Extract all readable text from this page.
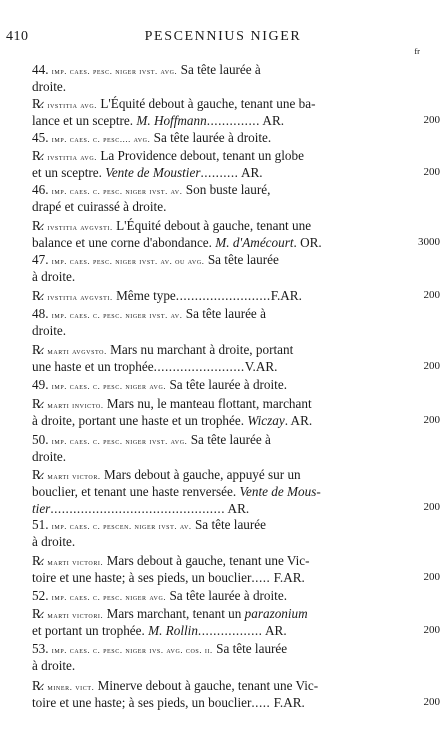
410	PESCENNIUS NIGER
fr
44. imp. caes. pesc. niger ivst. avg. Sa tête laurée à
droite.
R̷. ivstitia avg. L'Équité debout à gauche, tenant une ba-
lance et un sceptre. M. Hoffmann.............. AR.	200
45. imp. caes. c. pesc.... avg. Sa tête laurée à droite.
R̷. ivstitia avg. La Providence debout, tenant un globe
et un sceptre. Vente de Moustier.......... AR.	200
46. imp. caes. c. pesc. niger ivst. av. Son buste lauré,
drapé et cuirassé à droite.
R̷. ivstitia avgvsti. L'Équité debout à gauche, tenant une
balance et une corne d'abondance. M. d'Amécourt. OR.	3000
47. imp. caes. pesc. niger ivst. av. ou avg. Sa tête laurée
à droite.
R̷. ivstitia avgvsti. Même type.........................F.AR.	200
48. imp. caes. c. pesc. niger ivst. av. Sa tête laurée à
droite.
R̷. marti avgvsto. Mars nu marchant à droite, portant
une haste et un trophée........................V.AR.	200
49. imp. caes. c. pesc. niger avg. Sa tête laurée à droite.
R̷. marti invicto. Mars nu, le manteau flottant, marchant
à droite, portant une haste et un trophée. Wiczay. AR.	200
50. imp. caes. c. pesc. niger ivst. avg. Sa tête laurée à
droite.
R̷. marti victor. Mars debout à gauche, appuyé sur un
bouclier, et tenant une haste renversée. Vente de Mous-
tier.............................................. AR.	200
51. imp. caes. c. pescen. niger ivst. av. Sa tête laurée
à droite.
R̷. marti victori. Mars debout à gauche, tenant une Vic-
toire et une haste; à ses pieds, un bouclier..... F.AR.	200
52. imp. caes. c. pesc. niger avg. Sa tête laurée à droite.
R̷. marti victori. Mars marchant, tenant un parazonium
et portant un trophée. M. Rollin................. AR.	200
53. imp. caes. c. pesc. niger ivs. avg. cos. ii. Sa tête laurée
à droite.
R̷. miner. vict. Minerve debout à gauche, tenant une Vic-
toire et une haste; à ses pieds, un bouclier..... F.AR.	200
